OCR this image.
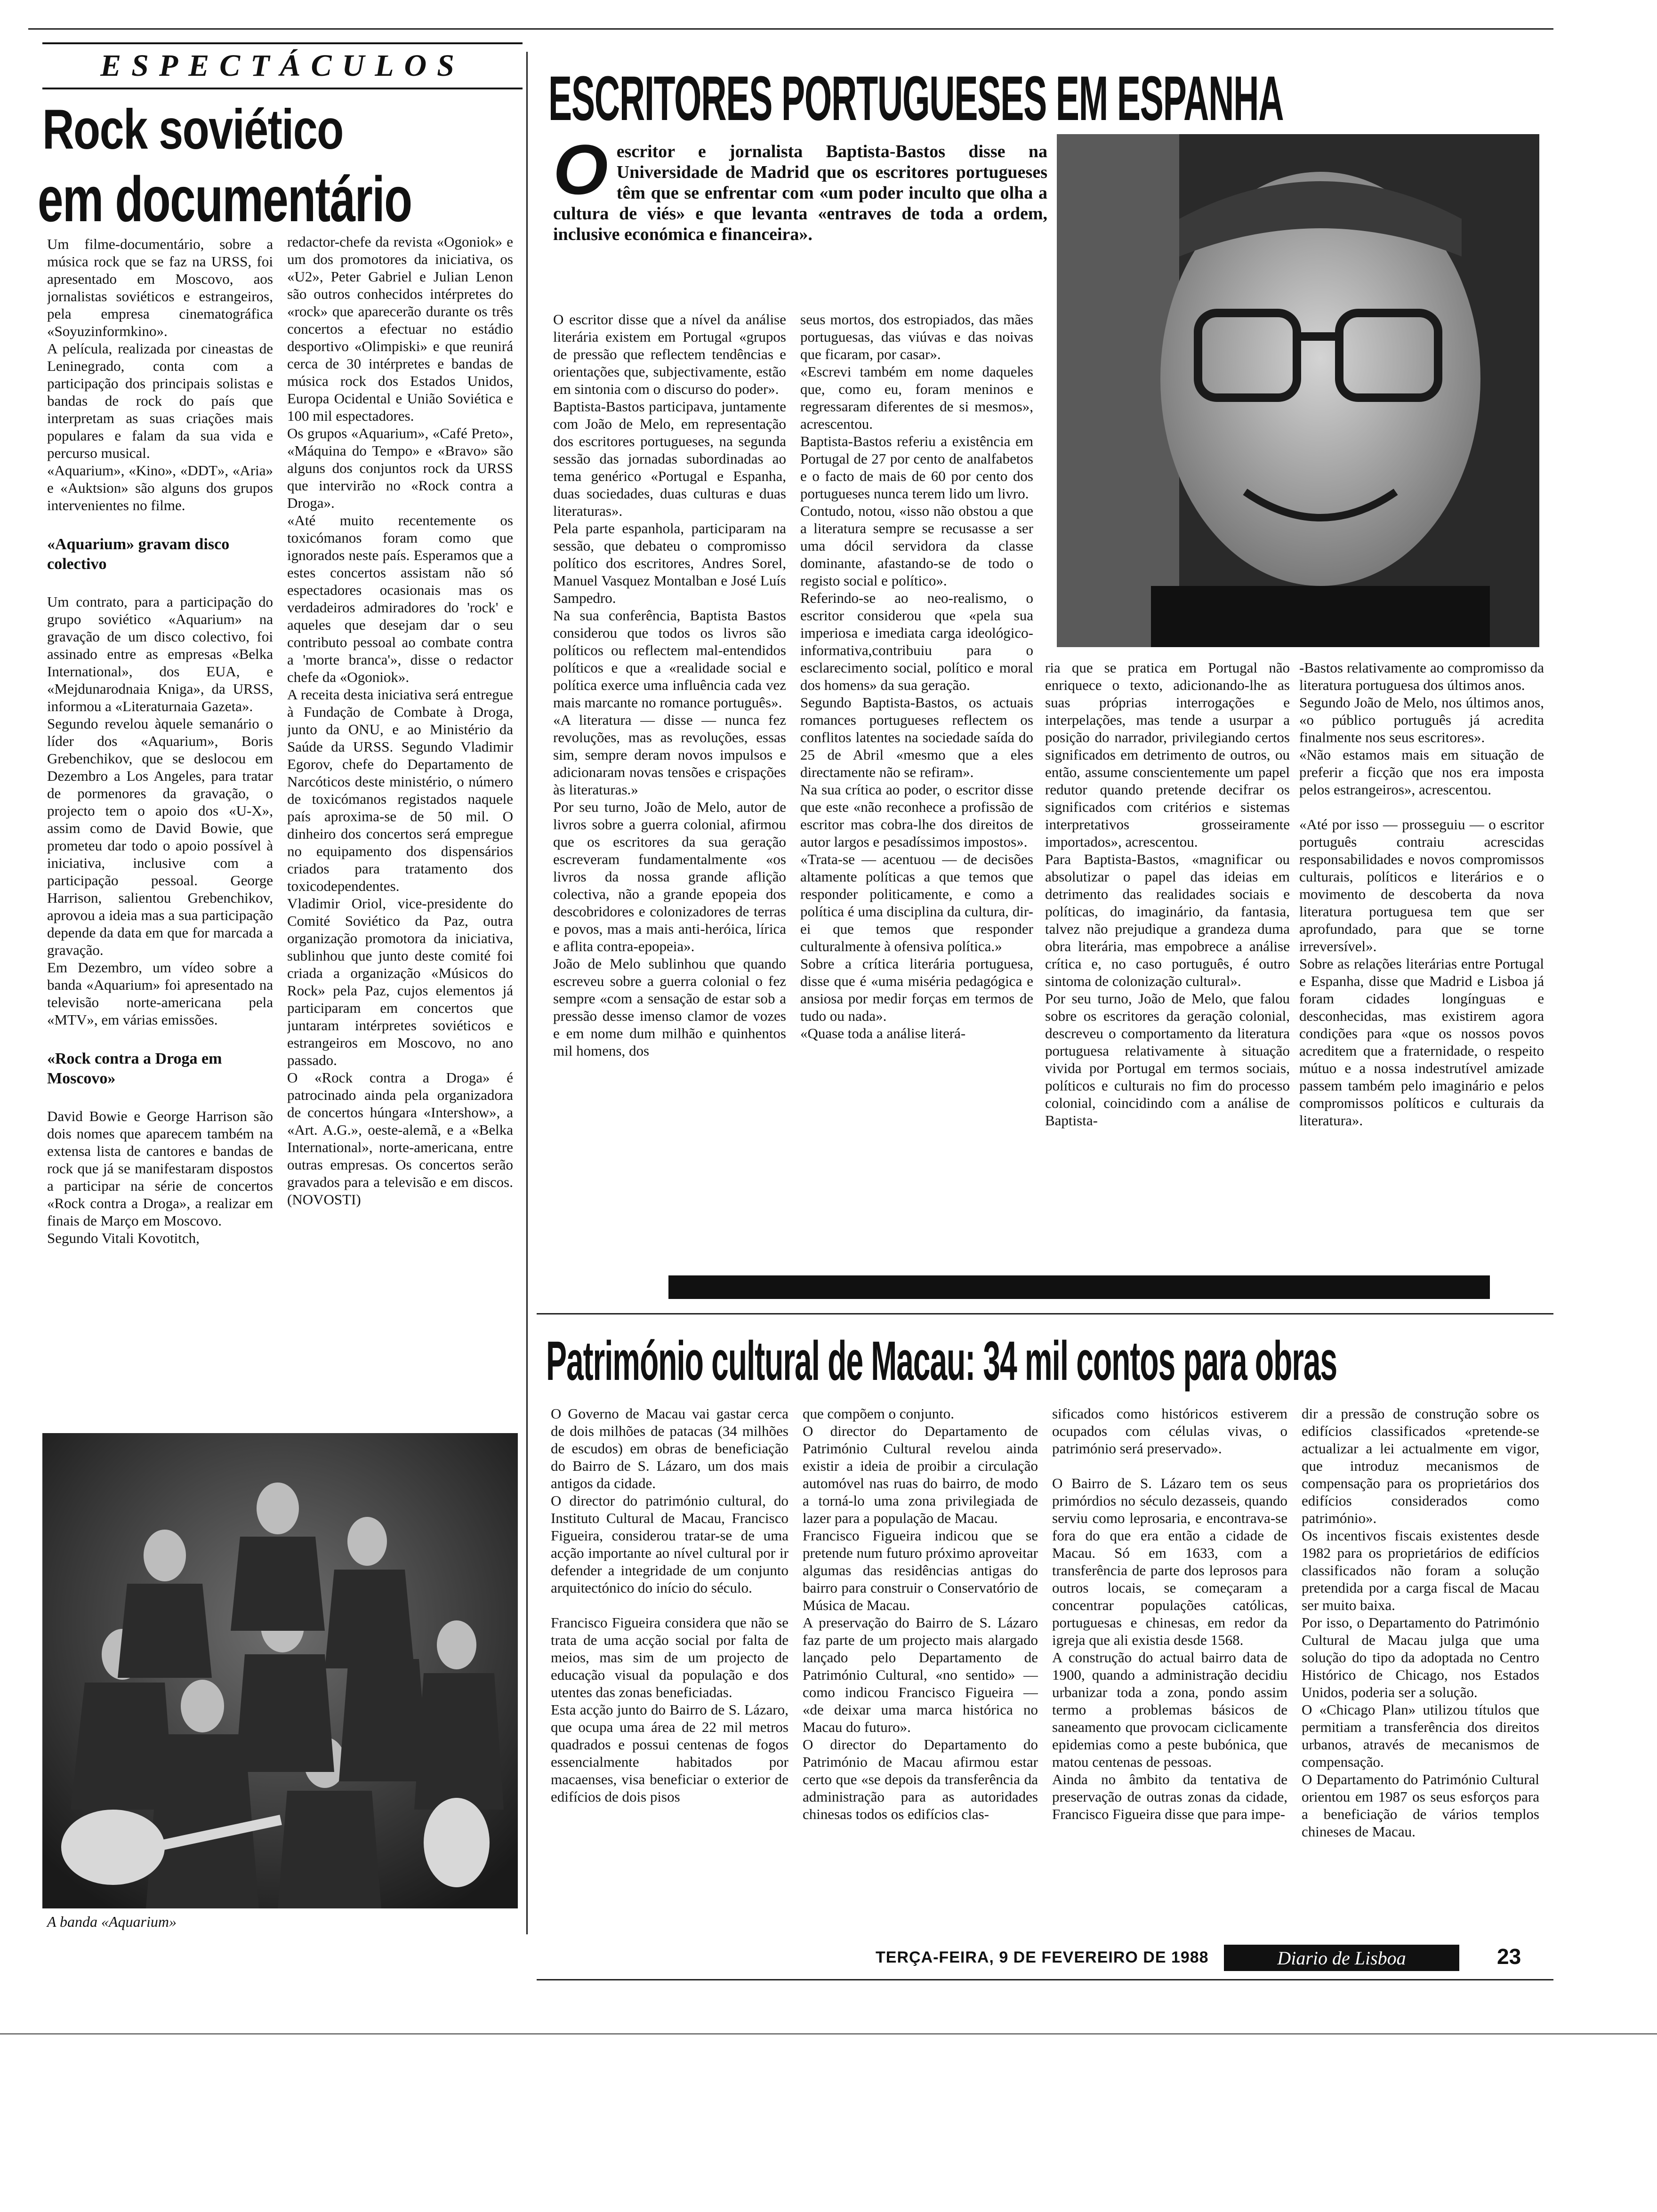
ESPECTÁCULOS
Rock soviético
em documentário
Um filme-documentário, sobre a música rock que se faz na URSS, foi apresentado em Moscovo, aos jornalistas soviéticos e estrangeiros, pela empresa cinematográfica «Soyuzinformkino».
A película, realizada por cineastas de Leninegrado, conta com a participação dos principais solistas e bandas de rock do país que interpretam as suas criações mais populares e falam da sua vida e percurso musical.
«Aquarium», «Kino», «DDT», «Aria» e «Auktsion» são alguns dos grupos intervenientes no filme.
«Aquarium» gravam disco colectivo
Um contrato, para a participação do grupo soviético «Aquarium» na gravação de um disco colectivo, foi assinado entre as empresas «Belka International», dos EUA, e «Mejdunarodnaia Kniga», da URSS, informou a «Literaturnaia Gazeta».
Segundo revelou àquele semanário o líder dos «Aquarium», Boris Grebenchikov, que se deslocou em Dezembro a Los Angeles, para tratar de pormenores da gravação, o projecto tem o apoio dos «U-X», assim como de David Bowie, que prometeu dar todo o apoio possível à iniciativa, inclusive com a participação pessoal. George Harrison, salientou Grebenchikov, aprovou a ideia mas a sua participação depende da data em que for marcada a gravação.
Em Dezembro, um vídeo sobre a banda «Aquarium» foi apresentado na televisão norte-americana pela «MTV», em várias emissões.
«Rock contra a Droga em Moscovo»
David Bowie e George Harrison são dois nomes que aparecem também na extensa lista de cantores e bandas de rock que já se manifestaram dispostos a participar na série de concertos «Rock contra a Droga», a realizar em finais de Março em Moscovo.
Segundo Vitali Kovotitch,
redactor-chefe da revista «Ogoniok» e um dos promotores da iniciativa, os «U2», Peter Gabriel e Julian Lenon são outros conhecidos intérpretes do «rock» que aparecerão durante os três concertos a efectuar no estádio desportivo «Olimpiski» e que reunirá cerca de 30 intérpretes e bandas de música rock dos Estados Unidos, Europa Ocidental e União Soviética e 100 mil espectadores.
Os grupos «Aquarium», «Café Preto», «Máquina do Tempo» e «Bravo» são alguns dos conjuntos rock da URSS que intervirão no «Rock contra a Droga».
«Até muito recentemente os toxicómanos foram como que ignorados neste país. Esperamos que a estes concertos assistam não só espectadores ocasionais mas os verdadeiros admiradores do 'rock' e aqueles que desejam dar o seu contributo pessoal ao combate contra a 'morte branca'», disse o redactor chefe da «Ogoniok».
A receita desta iniciativa será entregue à Fundação de Combate à Droga, junto da ONU, e ao Ministério da Saúde da URSS. Segundo Vladimir Egorov, chefe do Departamento de Narcóticos deste ministério, o número de toxicómanos registados naquele país aproxima-se de 50 mil. O dinheiro dos concertos será empregue no equipamento dos dispensários criados para tratamento dos toxicodependentes.
Vladimir Oriol, vice-presidente do Comité Soviético da Paz, outra organização promotora da iniciativa, sublinhou que junto deste comité foi criada a organização «Músicos do Rock» pela Paz, cujos elementos já participaram em concertos que juntaram intérpretes soviéticos e estrangeiros em Moscovo, no ano passado.
O «Rock contra a Droga» é patrocinado ainda pela organizadora de concertos húngara «Intershow», a «Art. A.G.», oeste-alemã, e a «Belka International», norte-americana, entre outras empresas. Os concertos serão gravados para a televisão e em discos. (NOVOSTI)
A banda «Aquarium»
ESCRITORES PORTUGUESES EM ESPANHA
O escritor e jornalista Baptista-Bastos disse na Universidade de Madrid que os escritores portugueses têm que se enfrentar com «um poder inculto que olha a cultura de viés» e que levanta «entraves de toda a ordem, inclusive económica e financeira».
O escritor disse que a nível da análise literária existem em Portugal «grupos de pressão que reflectem tendências e orientações que, subjectivamente, estão em sintonia com o discurso do poder».
Baptista-Bastos participava, juntamente com João de Melo, em representação dos escritores portugueses, na segunda sessão das jornadas subordinadas ao tema genérico «Portugal e Espanha, duas sociedades, duas culturas e duas literaturas».
Pela parte espanhola, participaram na sessão, que debateu o compromisso político dos escritores, Andres Sorel, Manuel Vasquez Montalban e José Luís Sampedro.
Na sua conferência, Baptista Bastos considerou que todos os livros são políticos ou reflectem mal-entendidos políticos e que a «realidade social e política exerce uma influência cada vez mais marcante no romance português».
«A literatura — disse — nunca fez revoluções, mas as revoluções, essas sim, sempre deram novos impulsos e adicionaram novas tensões e crispações às literaturas.»
Por seu turno, João de Melo, autor de livros sobre a guerra colonial, afirmou que os escritores da sua geração escreveram fundamentalmente «os livros da nossa grande aflição colectiva, não a grande epopeia dos descobridores e colonizadores de terras e povos, mas a mais anti-heróica, lírica e aflita contra-epopeia».
João de Melo sublinhou que quando escreveu sobre a guerra colonial o fez sempre «com a sensação de estar sob a pressão desse imenso clamor de vozes e em nome dum milhão e quinhentos mil homens, dos
seus mortos, dos estropiados, das mães portuguesas, das viúvas e das noivas que ficaram, por casar».
«Escrevi também em nome daqueles que, como eu, foram meninos e regressaram diferentes de si mesmos», acrescentou.
Baptista-Bastos referiu a existência em Portugal de 27 por cento de analfabetos e o facto de mais de 60 por cento dos portugueses nunca terem lido um livro.
Contudo, notou, «isso não obstou a que a literatura sempre se recusasse a ser uma dócil servidora da classe dominante, afastando-se de todo o registo social e político».
Referindo-se ao neo-realismo, o escritor considerou que «pela sua imperiosa e imediata carga ideológico-informativa,contribuiu para o esclarecimento social, político e moral dos homens» da sua geração.
Segundo Baptista-Bastos, os actuais romances portugueses reflectem os conflitos latentes na sociedade saída do 25 de Abril «mesmo que a eles directamente não se refiram».
Na sua crítica ao poder, o escritor disse que este «não reconhece a profissão de escritor mas cobra-lhe dos direitos de autor largos e pesadíssimos impostos».
«Trata-se — acentuou — de decisões altamente políticas a que temos que responder politicamente, e como a política é uma disciplina da cultura, dir-ei que temos que responder culturalmente à ofensiva política.»
Sobre a crítica literária portuguesa, disse que é «uma miséria pedagógica e ansiosa por medir forças em termos de tudo ou nada».
«Quase toda a análise literá-
ria que se pratica em Portugal não enriquece o texto, adicionando-lhe as suas próprias interrogações e interpelações, mas tende a usurpar a posição do narrador, privilegiando certos significados em detrimento de outros, ou então, assume conscientemente um papel redutor quando pretende decifrar os significados com critérios e sistemas interpretativos grosseiramente importados», acrescentou.
Para Baptista-Bastos, «magnificar ou absolutizar o papel das ideias em detrimento das realidades sociais e políticas, do imaginário, da fantasia, talvez não prejudique a grandeza duma obra literária, mas empobrece a análise crítica e, no caso português, é outro sintoma de colonização cultural».
Por seu turno, João de Melo, que falou sobre os escritores da geração colonial, descreveu o comportamento da literatura portuguesa relativamente à situação vivida por Portugal em termos sociais, políticos e culturais no fim do processo colonial, coincidindo com a análise de Baptista-
-Bastos relativamente ao compromisso da literatura portuguesa dos últimos anos.
Segundo João de Melo, nos últimos anos, «o público português já acredita finalmente nos seus escritores».
«Não estamos mais em situação de preferir a ficção que nos era imposta pelos estrangeiros», acrescentou.

«Até por isso — prosseguiu — o escritor português contraiu acrescidas responsabilidades e novos compromissos culturais, políticos e literários e o movimento de descoberta da nova literatura portuguesa tem que ser aprofundado, para que se torne irreversível».
Sobre as relações literárias entre Portugal e Espanha, disse que Madrid e Lisboa já foram cidades longínguas e desconhecidas, mas existirem agora condições para «que os nossos povos acreditem que a fraternidade, o respeito mútuo e a nossa indestrutível amizade passem também pelo imaginário e pelos compromissos políticos e culturais da literatura».
Património cultural de Macau: 34 mil contos para obras
O Governo de Macau vai gastar cerca de dois milhões de patacas (34 milhões de escudos) em obras de beneficiação do Bairro de S. Lázaro, um dos mais antigos da cidade.
O director do património cultural, do Instituto Cultural de Macau, Francisco Figueira, considerou tratar-se de uma acção importante ao nível cultural por ir defender a integridade de um conjunto arquitectónico do início do século.

Francisco Figueira considera que não se trata de uma acção social por falta de meios, mas sim de um projecto de educação visual da população e dos utentes das zonas beneficiadas.
Esta acção junto do Bairro de S. Lázaro, que ocupa uma área de 22 mil metros quadrados e possui centenas de fogos essencialmente habitados por macaenses, visa beneficiar o exterior de edifícios de dois pisos
que compõem o conjunto.
O director do Departamento de Património Cultural revelou ainda existir a ideia de proibir a circulação automóvel nas ruas do bairro, de modo a torná-lo uma zona privilegiada de lazer para a população de Macau.
Francisco Figueira indicou que se pretende num futuro próximo aproveitar algumas das residências antigas do bairro para construir o Conservatório de Música de Macau.
A preservação do Bairro de S. Lázaro faz parte de um projecto mais alargado lançado pelo Departamento de Património Cultural, «no sentido» — como indicou Francisco Figueira — «de deixar uma marca histórica no Macau do futuro».
O director do Departamento do Património de Macau afirmou estar certo que «se depois da transferência da administração para as autoridades chinesas todos os edifícios clas-
sificados como históricos estiverem ocupados com células vivas, o património será preservado».

O Bairro de S. Lázaro tem os seus primórdios no século dezasseis, quando serviu como leprosaria, e encontrava-se fora do que era então a cidade de Macau. Só em 1633, com a transferência de parte dos leprosos para outros locais, se começaram a concentrar populações católicas, portuguesas e chinesas, em redor da igreja que ali existia desde 1568.
A construção do actual bairro data de 1900, quando a administração decidiu urbanizar toda a zona, pondo assim termo a problemas básicos de saneamento que provocam ciclicamente epidemias como a peste bubónica, que matou centenas de pessoas.
Ainda no âmbito da tentativa de preservação de outras zonas da cidade, Francisco Figueira disse que para impe-
dir a pressão de construção sobre os edifícios classificados «pretende-se actualizar a lei actualmente em vigor, que introduz mecanismos de compensação para os proprietários dos edifícios considerados como património».
Os incentivos fiscais existentes desde 1982 para os proprietários de edifícios classificados não foram a solução pretendida por a carga fiscal de Macau ser muito baixa.
Por isso, o Departamento do Património Cultural de Macau julga que uma solução do tipo da adoptada no Centro Histórico de Chicago, nos Estados Unidos, poderia ser a solução.
O «Chicago Plan» utilizou títulos que permitiam a transferência dos direitos urbanos, através de mecanismos de compensação.
O Departamento do Património Cultural orientou em 1987 os seus esforços para a beneficiação de vários templos chineses de Macau.
TERÇA-FEIRA, 9 DE FEVEREIRO DE 1988	Diario de Lisboa	23
